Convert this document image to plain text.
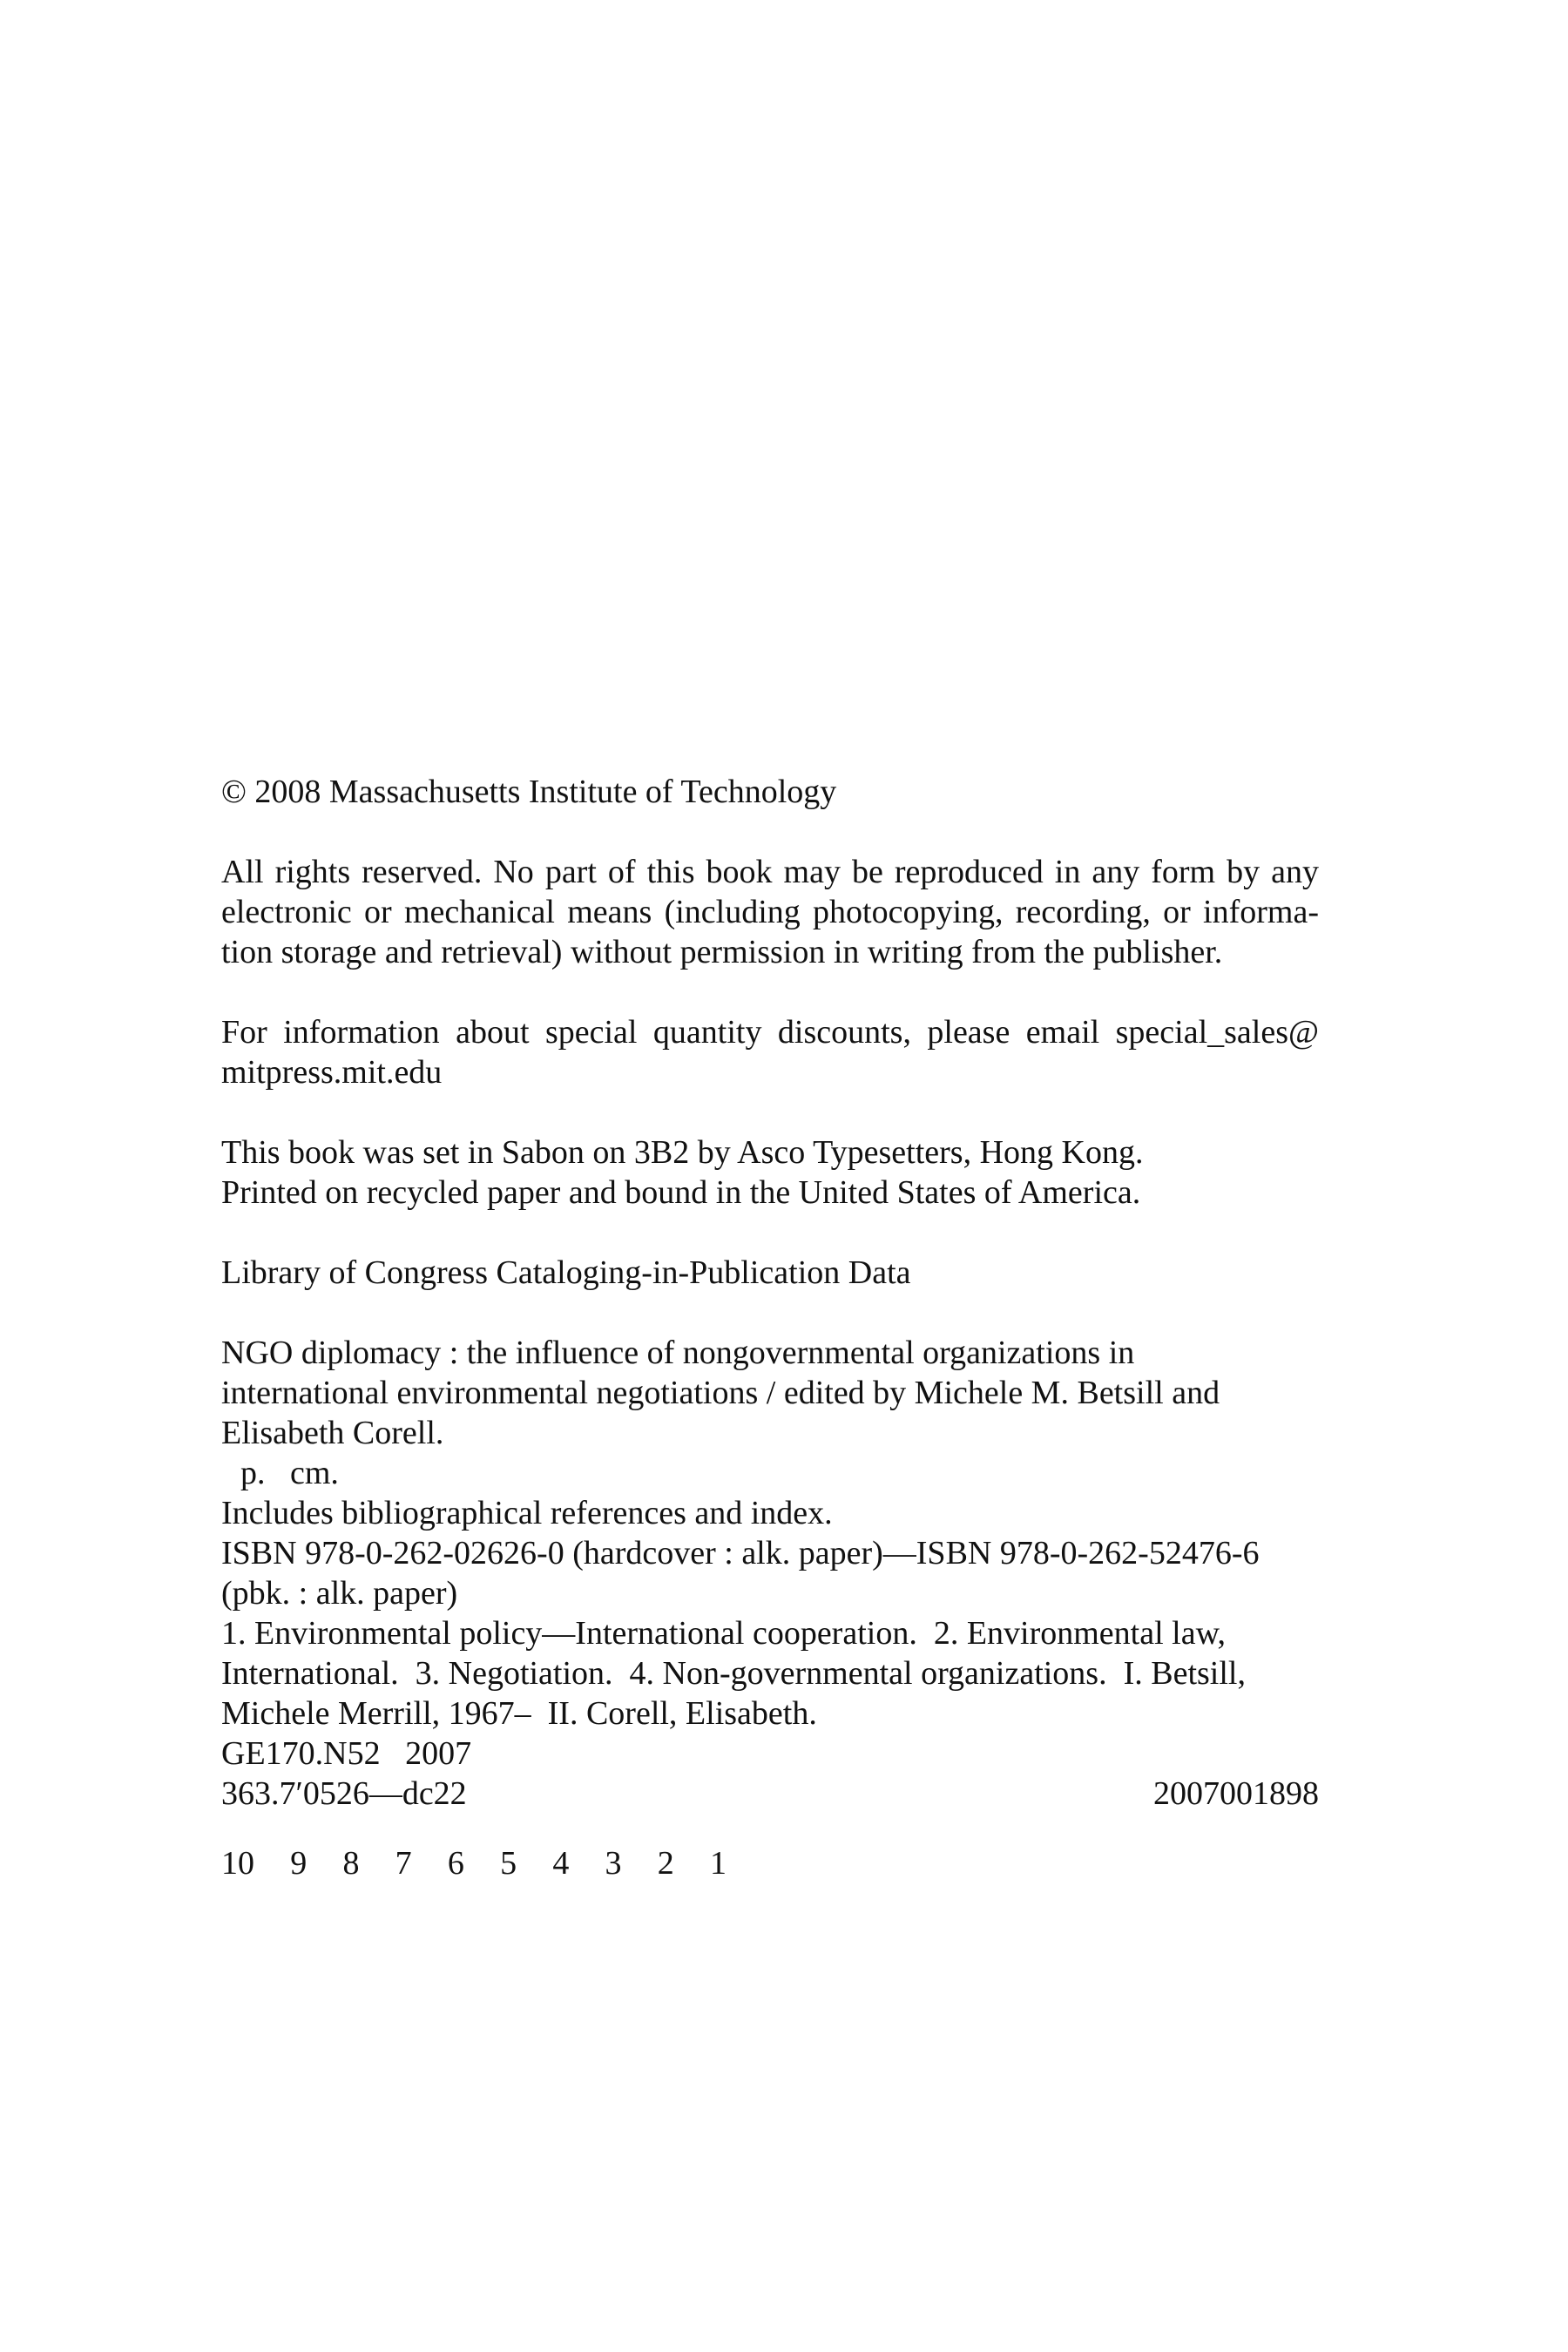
© 2008 Massachusetts Institute of Technology
All rights reserved. No part of this book may be reproduced in any form by any
electronic or mechanical means (including photocopying, recording, or informa-
tion storage and retrieval) without permission in writing from the publisher.
For information about special quantity discounts, please email special_sales@
mitpress.mit.edu
This book was set in Sabon on 3B2 by Asco Typesetters, Hong Kong.
Printed on recycled paper and bound in the United States of America.
Library of Congress Cataloging-in-Publication Data
NGO diplomacy : the influence of nongovernmental organizations in
international environmental negotiations / edited by Michele M. Betsill and
Elisabeth Corell.
p.   cm.
Includes bibliographical references and index.
ISBN 978-0-262-02626-0 (hardcover : alk. paper)—ISBN 978-0-262-52476-6
(pbk. : alk. paper)
1. Environmental policy—International cooperation.  2. Environmental law,
International.  3. Negotiation.  4. Non-governmental organizations.  I. Betsill,
Michele Merrill, 1967–  II. Corell, Elisabeth.
GE170.N52   2007
363.7′0526—dc22	2007001898
10 9 8 7 6 5 4 3 2 1
